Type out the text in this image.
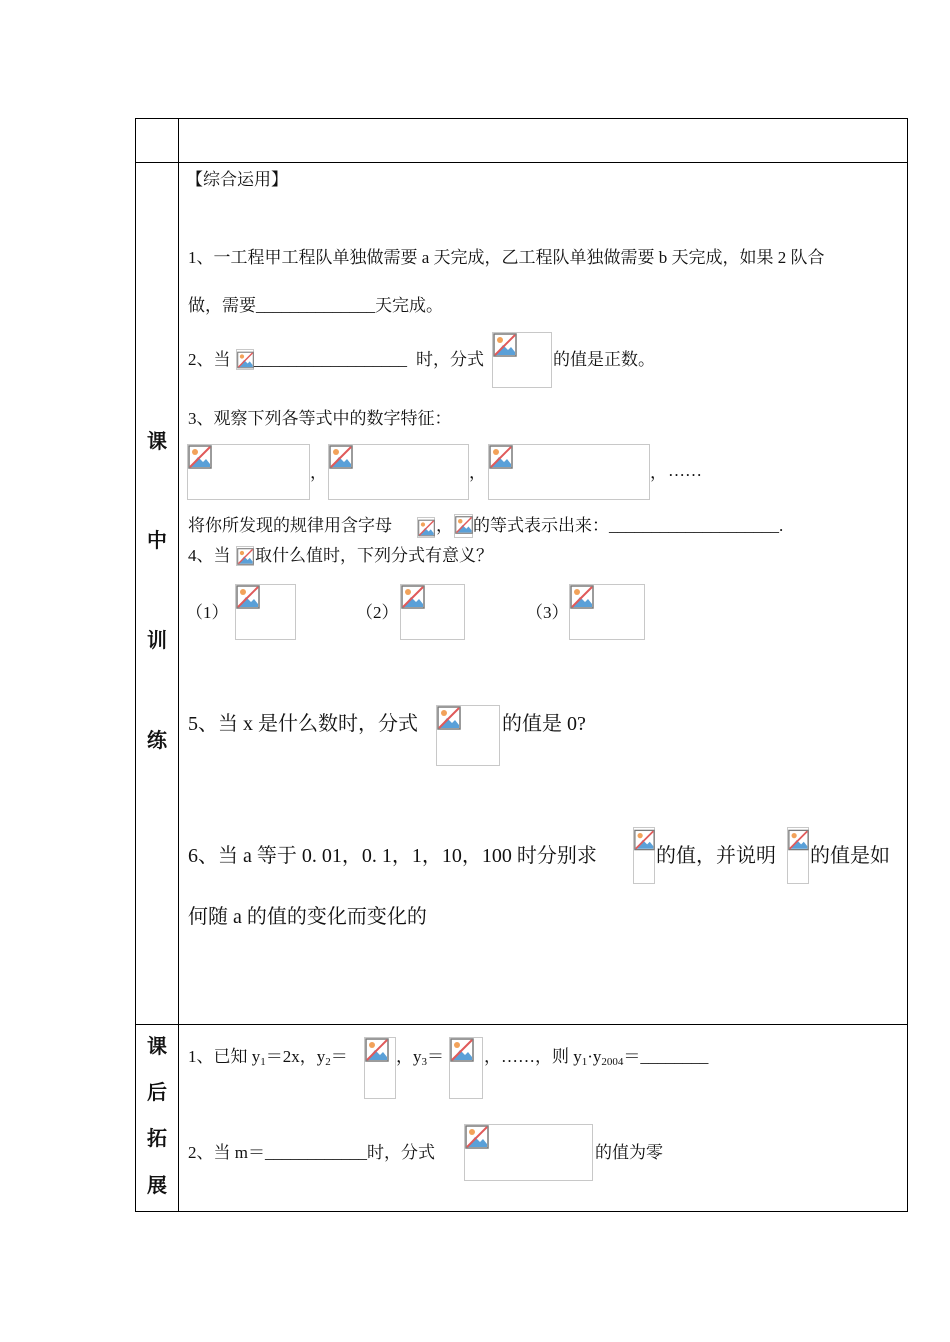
课
中
训
练
课
后
拓
展
【综合运用】
1、一工程甲工程队单独做需要 a 天完成，乙工程队单独做需要 b 天完成，如果 2 队合
做，需要______________天完成。
2、当 __________________ 时，分式	的值是正数。
3、观察下列各等式中的数字特征：
，	，	， ……
将你所发现的规律用含字母	， 的等式表示出来：____________________.
4、当 取什么值时，下列分式有意义？
（1）	（2）	（3）
5、当 x 是什么数时，分式	的值是 0?
6、当 a 等于 0. 01，0. 1，1，10，100 时分别求	的值，并说明 的值是如
何随 a 的值的变化而变化的
1、已知 y1＝2x，y2＝	，y3＝ ，……，则 y1·y2004＝________
2、当 m＝____________时，分式	的值为零
